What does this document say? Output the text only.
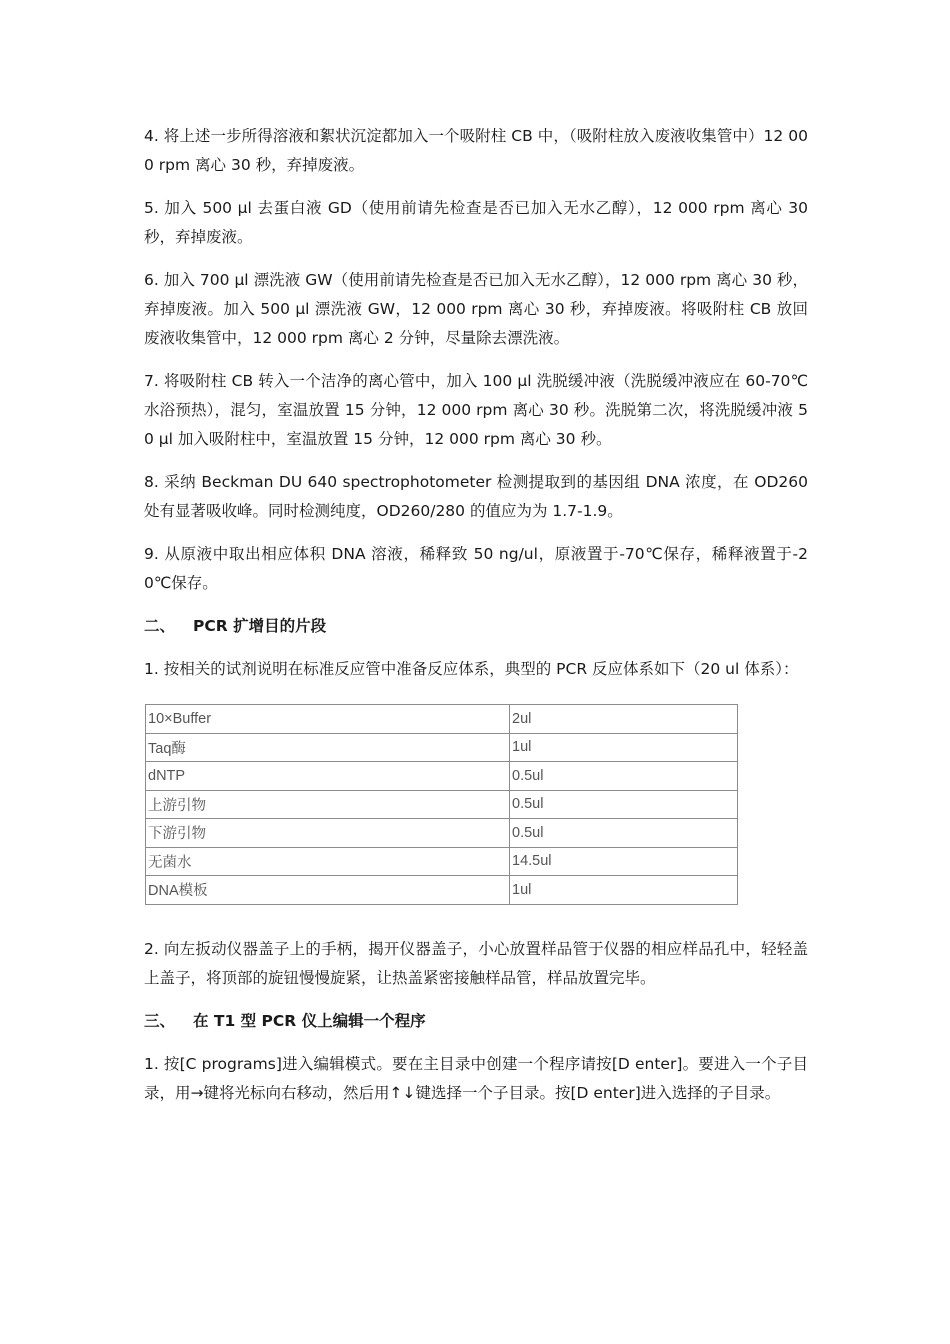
4. 将上述一步所得溶液和絮状沉淀都加入一个吸附柱 CB 中，（吸附柱放入废液收集管中）12 000 rpm 离心 30 秒，弃掉废液。

5. 加入 500 μl 去蛋白液 GD（使用前请先检查是否已加入无水乙醇），12 000 rpm 离心 30 秒，弃掉废液。

6. 加入 700 μl 漂洗液 GW（使用前请先检查是否已加入无水乙醇），12 000 rpm 离心 30 秒，弃掉废液。加入 500 μl 漂洗液 GW，12 000 rpm 离心 30 秒，弃掉废液。将吸附柱 CB 放回废液收集管中，12 000 rpm 离心 2 分钟，尽量除去漂洗液。

7. 将吸附柱 CB 转入一个洁净的离心管中，加入 100 μl 洗脱缓冲液（洗脱缓冲液应在 60-70℃水浴预热），混匀，室温放置 15 分钟，12 000 rpm 离心 30 秒。洗脱第二次，将洗脱缓冲液 50 μl 加入吸附柱中，室温放置 15 分钟，12 000 rpm 离心 30 秒。

8. 采纳 Beckman DU 640 spectrophotometer 检测提取到的基因组 DNA 浓度，在 OD260 处有显著吸收峰。同时检测纯度，OD260/280 的值应为为 1.7-1.9。

9. 从原液中取出相应体积 DNA 溶液，稀释致 50 ng/ul，原液置于-70℃保存，稀释液置于-20℃保存。

二、 PCR 扩增目的片段

1. 按相关的试剂说明在标准反应管中准备反应体系，典型的 PCR 反应体系如下（20 ul 体系）：

10×Buffer	2ul
Taq酶	1ul
dNTP	0.5ul
上游引物	0.5ul
下游引物	0.5ul
无菌水	14.5ul
DNA模板	1ul

2. 向左扳动仪器盖子上的手柄，揭开仪器盖子，小心放置样品管于仪器的相应样品孔中，轻轻盖上盖子，将顶部的旋钮慢慢旋紧，让热盖紧密接触样品管，样品放置完毕。

三、 在 T1 型 PCR 仪上编辑一个程序

1. 按[C programs]进入编辑模式。要在主目录中创建一个程序请按[D enter]。要进入一个子目录，用→键将光标向右移动，然后用↑↓键选择一个子目录。按[D enter]进入选择的子目录。
